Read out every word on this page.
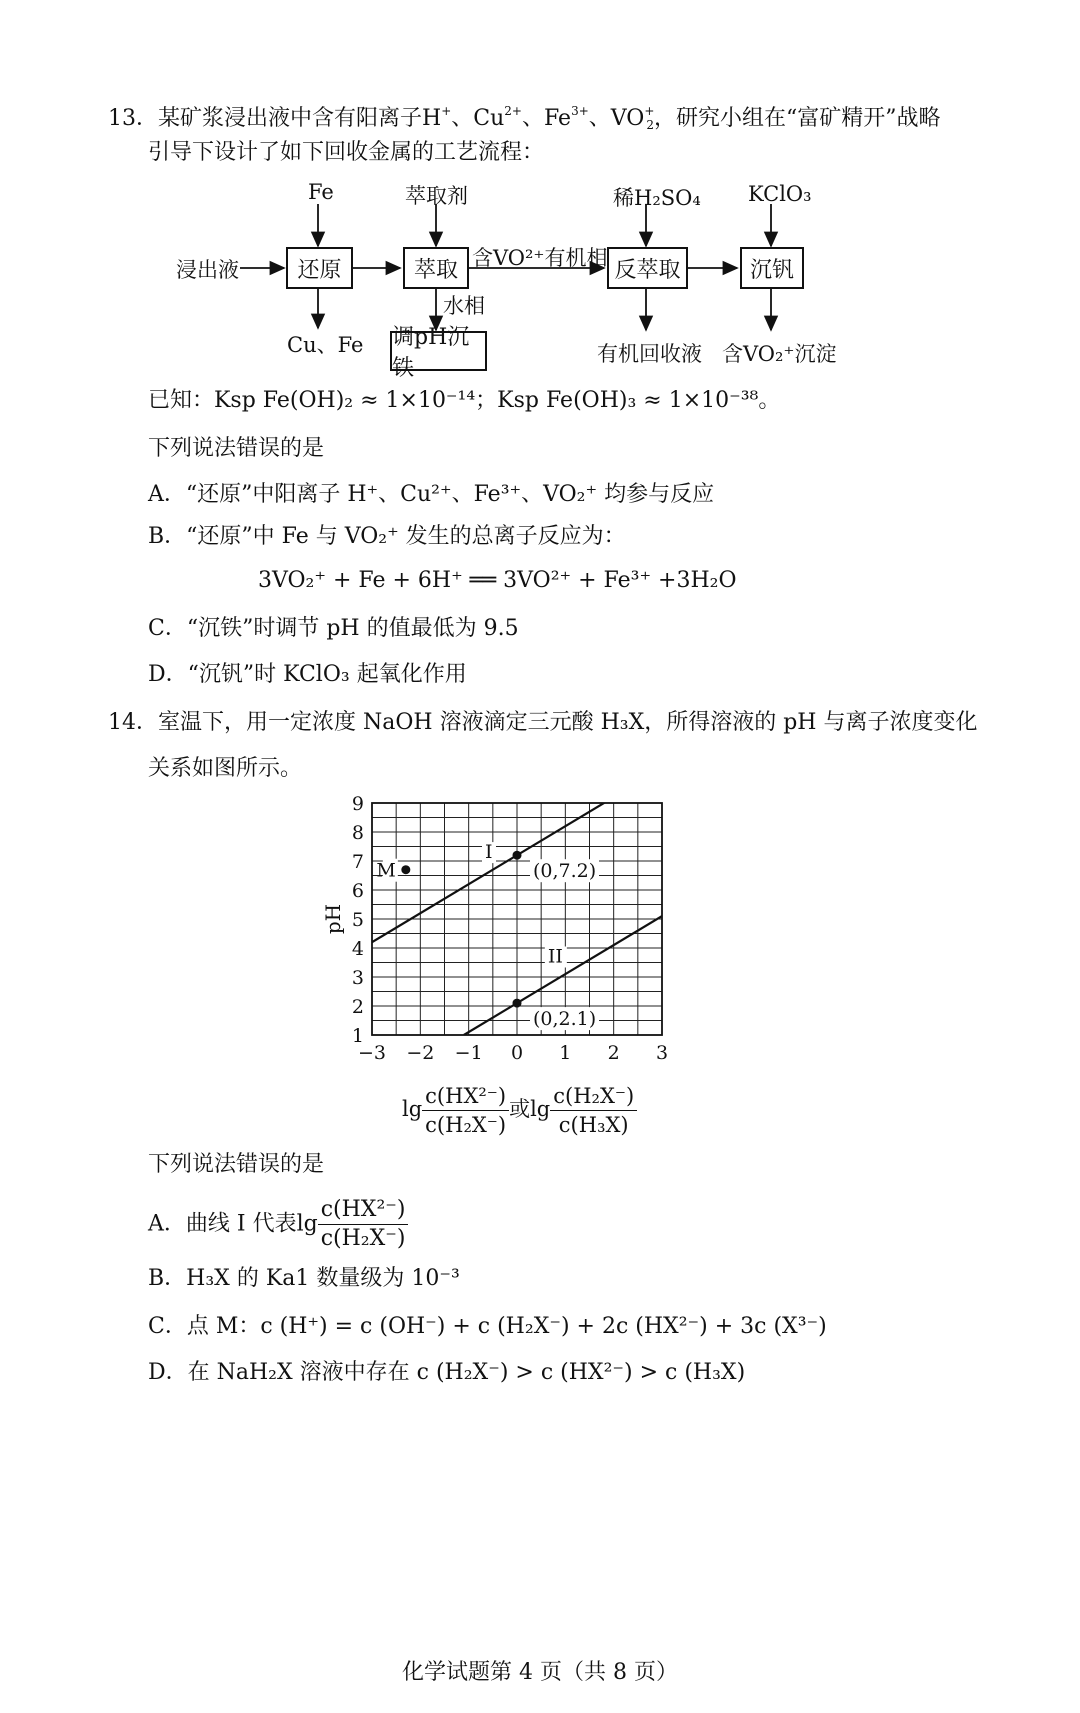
13．某矿浆浸出液中含有阳离子H+、$Cu^{2+}$、$Fe^{3+}$、$VO^+_2$，研究小组在“富矿精开”战略
引导下设计了如下回收金属的工艺流程：
还原	萃取	反萃取	沉钒
调pH沉铁
浸出液
Fe	萃取剂	稀H₂SO₄ KClO₃
Cu、Fe
水相
含VO²⁺有机相
有机回收液 含VO₂⁺沉淀
已知：Ksp Fe(OH)₂ ≈ 1×10⁻¹⁴；Ksp Fe(OH)₃ ≈ 1×10⁻³⁸。
下列说法错误的是
A．“还原”中阳离子 H⁺、Cu²⁺、Fe³⁺、VO₂⁺ 均参与反应
B．“还原”中 Fe 与 VO₂⁺ 发生的总离子反应为：
3VO₂⁺ + Fe + 6H⁺ ══ 3VO²⁺ + Fe³⁺ +3H₂O
C．“沉铁”时调节 pH 的值最低为 9.5
D．“沉钒”时 KClO₃ 起氧化作用
14．室温下，用一定浓度 NaOH 溶液滴定三元酸 H₃X，所得溶液的 pH 与离子浓度变化
关系如图所示。
−3 −2 −1 0 1 2 3
1
2
3
4
5
6
7
8
9
pH
(0,7.2)
(0,2.1)
M
I
II
$\lg \frac{\text{c(HX²⁻)}}{\text{c(H₂X⁻)}}$ 或$\lg \frac{\text{c(H₂X⁻)}}{\text{c(H₃X)}}$
下列说法错误的是
A．曲线 I 代表$\lg \frac{\text{c(HX²⁻)}}{\text{c(H₂X⁻)}}$
B．H₃X 的 Ka1 数量级为 10⁻³
C．点 M：c (H⁺) = c (OH⁻) + c (H₂X⁻) + 2c (HX²⁻) + 3c (X³⁻)
D．在 NaH₂X 溶液中存在 c (H₂X⁻) > c (HX²⁻) > c (H₃X)
化学试题第 4 页（共 8 页）
